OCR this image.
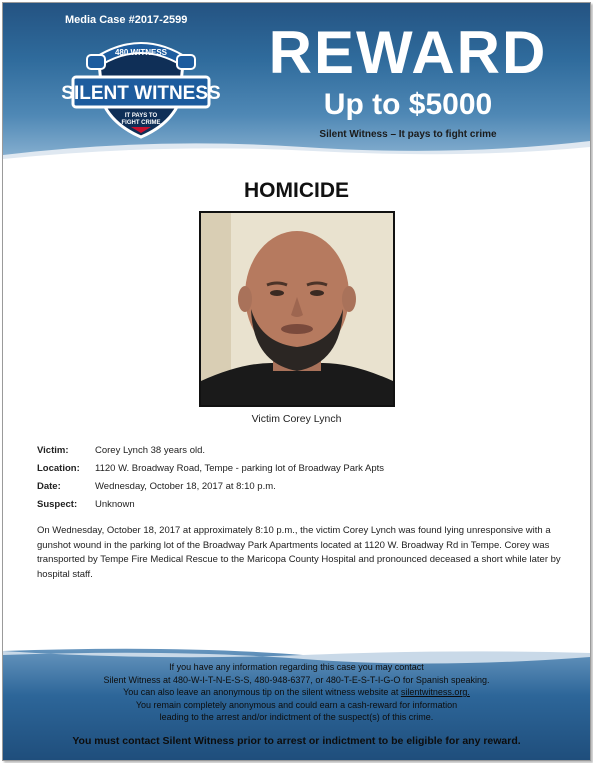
Media Case #2017-2599
480.WITNESS
SILENT WITNESS
IT PAYS TO
FIGHT CRIME
REWARD
Up to $5000
Silent Witness – It pays to fight crime
HOMICIDE
Victim Corey Lynch
Victim:	Corey Lynch 38 years old.
Location:	1120 W. Broadway Road, Tempe - parking lot of Broadway Park Apts
Date:	Wednesday, October 18, 2017 at 8:10 p.m.
Suspect:	Unknown
On Wednesday, October 18, 2017 at approximately 8:10 p.m., the victim Corey Lynch was found lying unresponsive with a gunshot wound in the parking lot of the Broadway Park Apartments located at 1120 W. Broadway Rd in Tempe. Corey was transported by Tempe Fire Medical Rescue to the Maricopa County Hospital and pronounced deceased a short while later by hospital staff.
If you have any information regarding this case you may contact
Silent Witness at 480-W-I-T-N-E-S-S, 480-948-6377, or 480-T-E-S-T-I-G-O for Spanish speaking.
You can also leave an anonymous tip on the silent witness website at silentwitness.org.
You remain completely anonymous and could earn a cash-reward for information
leading to the arrest and/or indictment of the suspect(s) of this crime.
You must contact Silent Witness prior to arrest or indictment to be eligible for any reward.
